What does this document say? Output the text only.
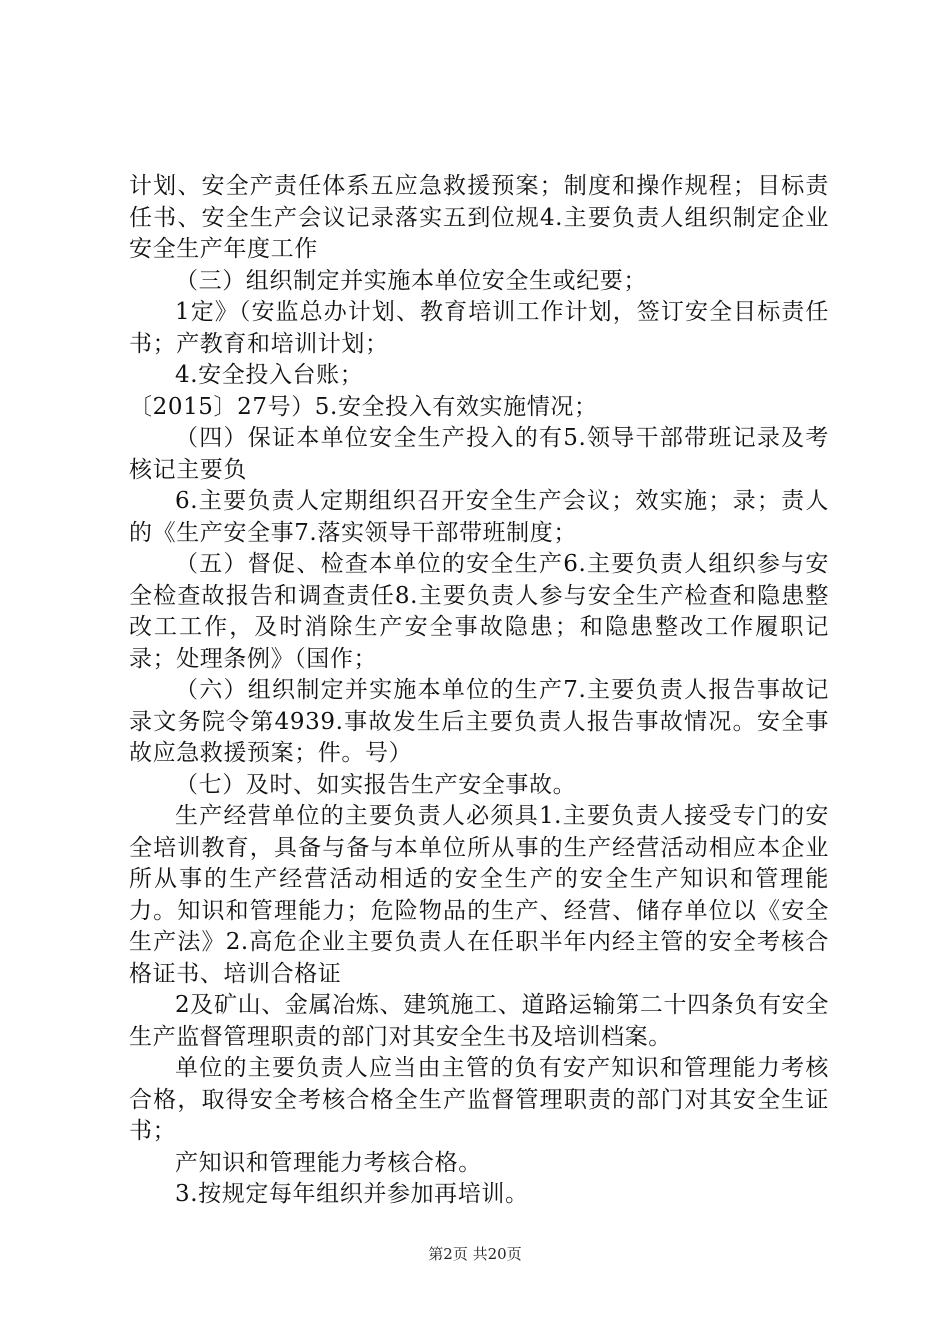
计划、安全产责任体系五应急救援预案；制度和操作规程；目标责任书、安全生产会议记录落实五到位规4.主要负责人组织制定企业安全生产年度工作

（三）组织制定并实施本单位安全生或纪要；

1定》（安监总办计划、教育培训工作计划，签订安全目标责任书；产教育和培训计划；

4.安全投入台账；

〔2015〕27号）5.安全投入有效实施情况；

（四）保证本单位安全生产投入的有5.领导干部带班记录及考核记主要负

6.主要负责人定期组织召开安全生产会议；效实施；录；责人的《生产安全事7.落实领导干部带班制度；

（五）督促、检查本单位的安全生产6.主要负责人组织参与安全检查故报告和调查责任8.主要负责人参与安全生产检查和隐患整改工工作，及时消除生产安全事故隐患；和隐患整改工作履职记录；处理条例》（国作；

（六）组织制定并实施本单位的生产7.主要负责人报告事故记录文务院令第4939.事故发生后主要负责人报告事故情况。安全事故应急救援预案；件。号）

（七）及时、如实报告生产安全事故。

生产经营单位的主要负责人必须具1.主要负责人接受专门的安全培训教育，具备与备与本单位所从事的生产经营活动相应本企业所从事的生产经营活动相适的安全生产的安全生产知识和管理能力。知识和管理能力；危险物品的生产、经营、储存单位以《安全生产法》2.高危企业主要负责人在任职半年内经主管的安全考核合格证书、培训合格证

2及矿山、金属冶炼、建筑施工、道路运输第二十四条负有安全生产监督管理职责的部门对其安全生书及培训档案。

单位的主要负责人应当由主管的负有安产知识和管理能力考核合格，取得安全考核合格全生产监督管理职责的部门对其安全生证书；

产知识和管理能力考核合格。

3.按规定每年组织并参加再培训。

第2页 共20页
